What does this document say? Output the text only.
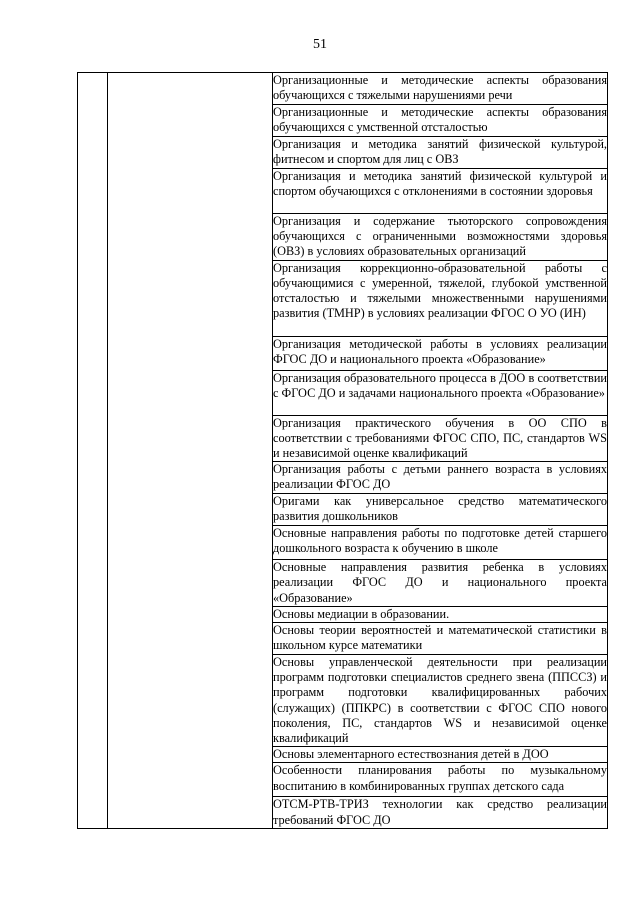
51
		Организационные и методические аспекты образования обучающихся с тяжелыми нарушениями речи
Организационные и методические аспекты образования обучающихся с умственной отсталостью
Организация и методика занятий физической культурой, фитнесом и спортом для лиц с ОВЗ
Организация и методика занятий физической культурой и спортом обучающихся с отклонениями в состоянии здоровья
Организация и содержание тьюторского сопровождения обучающихся с ограниченными возможностями здоровья (ОВЗ) в условиях образовательных организаций
Организация коррекционно-образовательной работы с обучающимися с умеренной, тяжелой, глубокой умственной отсталостью и тяжелыми множественными нарушениями развития (ТМНР) в условиях реализации ФГОС О УО (ИН)
Организация методической работы в условиях реализации ФГОС ДО и национального проекта «Образование»
Организация образовательного процесса в ДОО в соответствии с ФГОС ДО и задачами национального проекта «Образование»
Организация практического обучения в ОО СПО в соответствии с требованиями ФГОС СПО, ПС, стандартов WS и независимой оценке квалификаций
Организация работы с детьми раннего возраста в условиях реализации ФГОС ДО
Оригами как универсальное средство математического развития дошкольников
Основные направления работы по подготовке детей старшего дошкольного возраста к обучению в школе
Основные направления развития ребенка в условиях реализации ФГОС ДО и национального проекта «Образование»
Основы медиации в образовании.
Основы теории вероятностей и математической статистики в школьном курсе математики
Основы управленческой деятельности при реализации программ подготовки специалистов среднего звена (ППССЗ) и программ подготовки квалифицированных рабочих (служащих) (ППКРС) в соответствии с ФГОС СПО нового поколения, ПС, стандартов WS и независимой оценке квалификаций
Основы элементарного естествознания детей в ДОО
Особенности планирования работы по музыкальному воспитанию в комбинированных группах детского сада
ОТСМ-РТВ-ТРИЗ технологии как средство реализации требований ФГОС ДО
